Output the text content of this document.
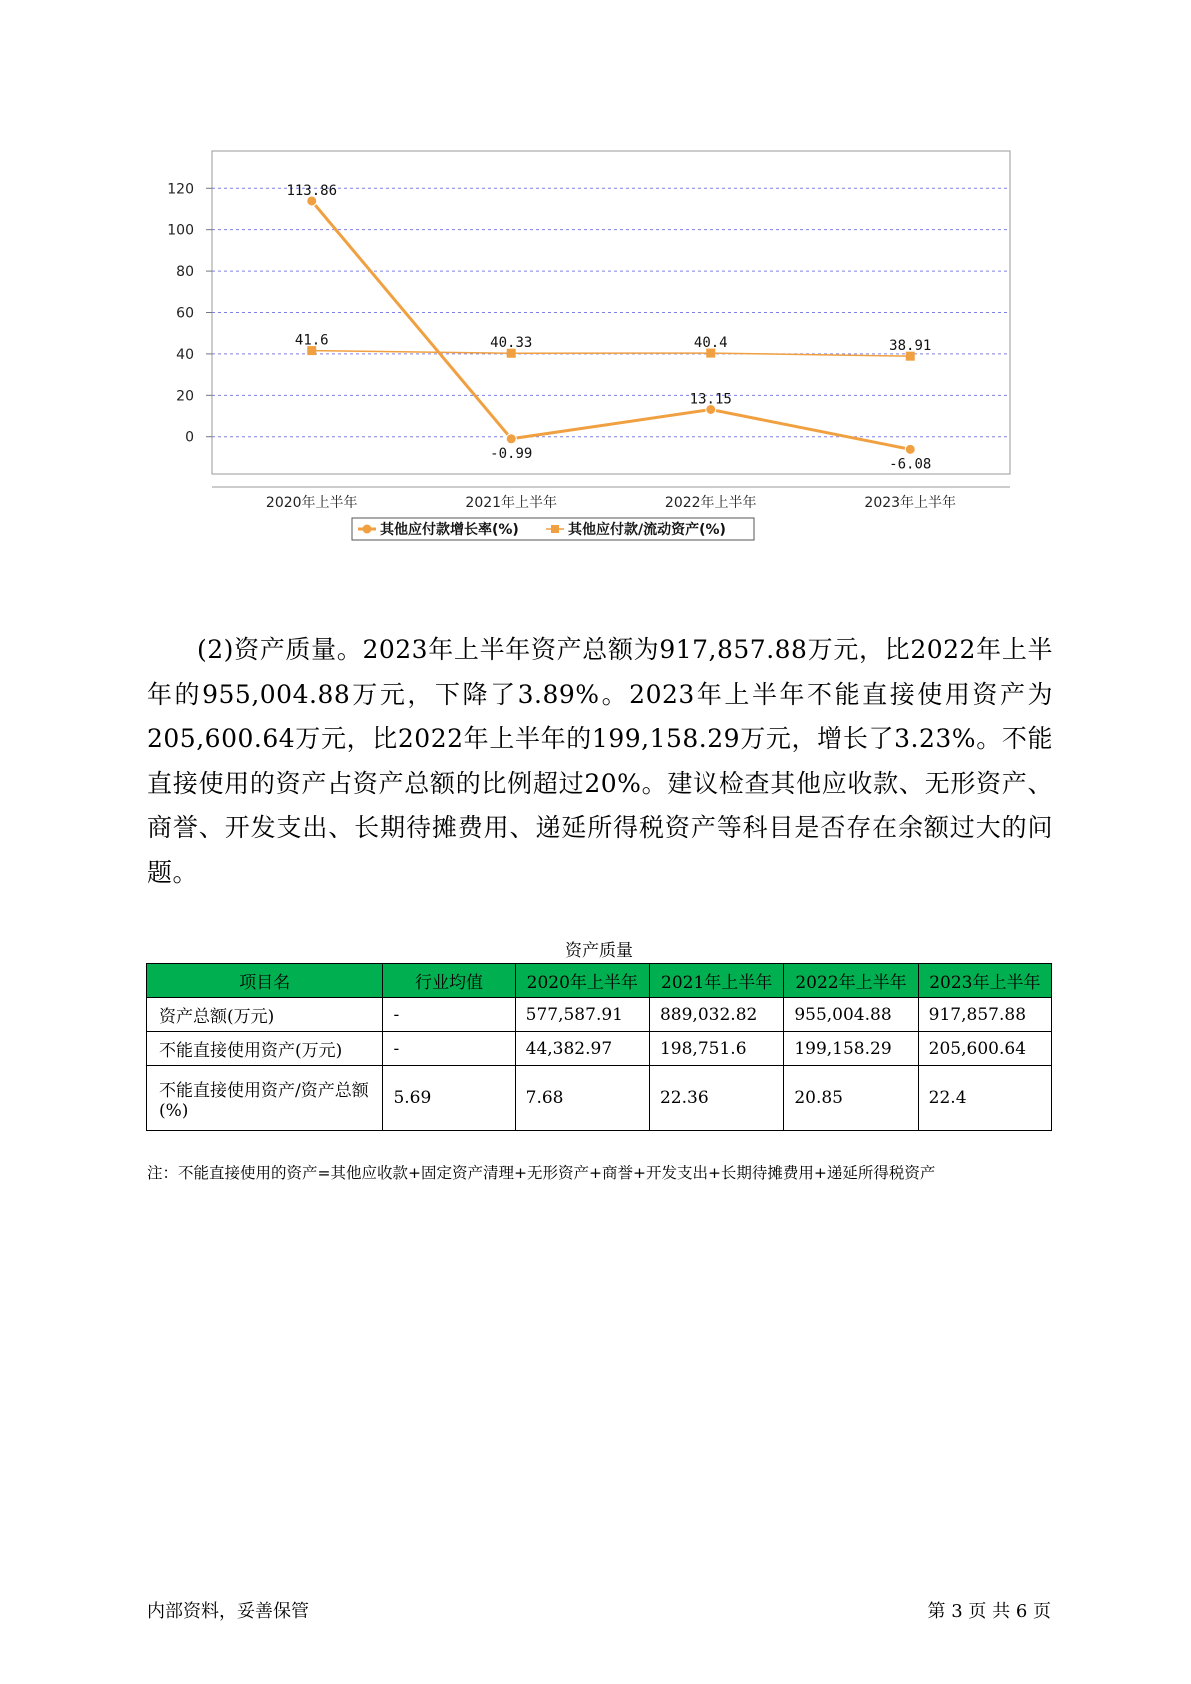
120
100
80
60
40
20
0
2020年上半年	2021年上半年	2022年上半年	2023年上半年
113.86
-0.99
13.15
-6.08
41.6	40.33	40.4	38.91
其他应付款增长率(%)	其他应付款/流动资产(%)
(2)资产质量。2023年上半年资产总额为917,857.88万元，比2022年上半年的955,004.88万元，下降了3.89%。2023年上半年不能直接使用资产为205,600.64万元，比2022年上半年的199,158.29万元，增长了3.23%。不能直接使用的资产占资产总额的比例超过20%。建议检查其他应收款、无形资产、商誉、开发支出、长期待摊费用、递延所得税资产等科目是否存在余额过大的问题。
资产质量
项目名	行业均值	2020年上半年	2021年上半年	2022年上半年	2023年上半年
资产总额(万元)	-	577,587.91	889,032.82	955,004.88	917,857.88
不能直接使用资产(万元)	-	44,382.97	198,751.6	199,158.29	205,600.64
不能直接使用资产/资产总额(%)	5.69	7.68	22.36	20.85	22.4
注：不能直接使用的资产=其他应收款+固定资产清理+无形资产+商誉+开发支出+长期待摊费用+递延所得税资产
内部资料，妥善保管	第 3 页 共 6 页
